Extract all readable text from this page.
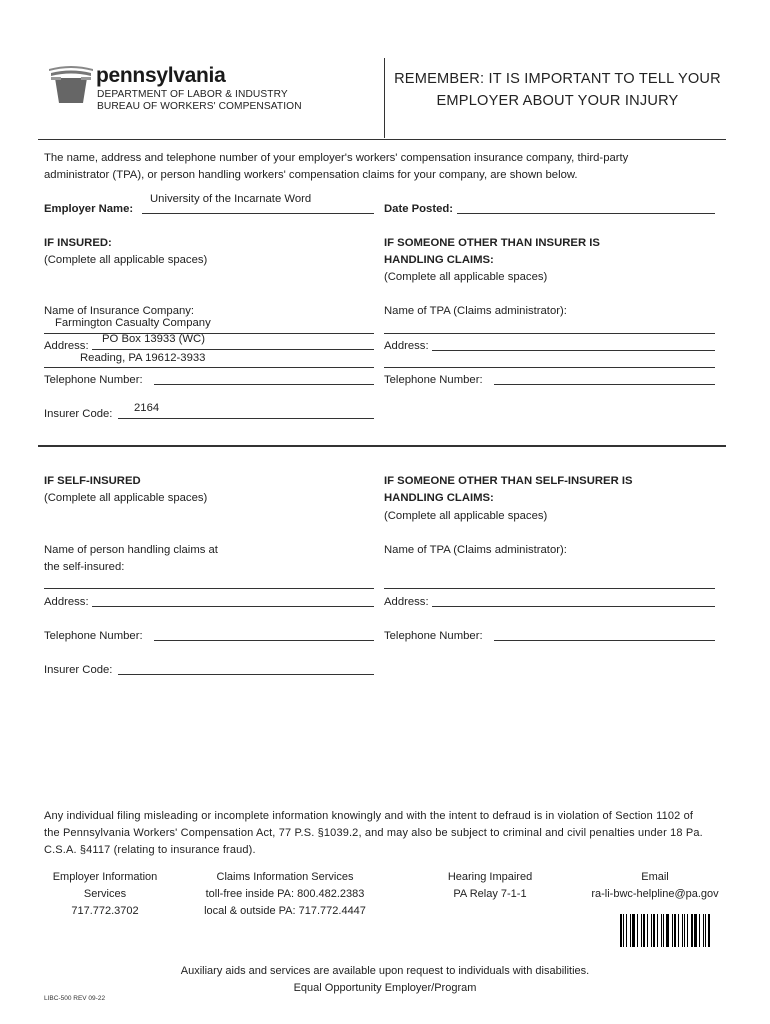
pennsylvania
DEPARTMENT OF LABOR & INDUSTRY
BUREAU OF WORKERS' COMPENSATION
REMEMBER: IT IS IMPORTANT TO TELL YOUR
EMPLOYER ABOUT YOUR INJURY
The name, address and telephone number of your employer's workers' compensation insurance company, third-party
administrator (TPA), or person handling workers' compensation claims for your company, are shown below.
Employer Name:
University of the Incarnate Word
Date Posted:
IF INSURED:
(Complete all applicable spaces)
Name of Insurance Company:
Farmington Casualty Company
Address:
PO Box 13933 (WC)
Reading, PA 19612-3933
Telephone Number:
Insurer Code: 2164
IF SOMEONE OTHER THAN INSURER IS
HANDLING CLAIMS:
(Complete all applicable spaces)
Name of TPA (Claims administrator):
Address:
Telephone Number:
IF SELF-INSURED
(Complete all applicable spaces)
Name of person handling claims at
the self-insured:
Address:
Telephone Number:
Insurer Code:
IF SOMEONE OTHER THAN SELF-INSURER IS
HANDLING CLAIMS:
(Complete all applicable spaces)
Name of TPA (Claims administrator):
Address:
Telephone Number:
Any individual filing misleading or incomplete information knowingly and with the intent to defraud is in violation of Section 1102 of
the Pennsylvania Workers' Compensation Act, 77 P.S. §1039.2, and may also be subject to criminal and civil penalties under 18 Pa.
C.S.A. §4117 (relating to insurance fraud).
Employer Information
Services
717.772.3702
Claims Information Services
toll-free inside PA: 800.482.2383
local & outside PA: 717.772.4447
Hearing Impaired
PA Relay 7-1-1
Email
ra-li-bwc-helpline@pa.gov
Auxiliary aids and services are available upon request to individuals with disabilities.
Equal Opportunity Employer/Program
LIBC-500 REV 09-22
